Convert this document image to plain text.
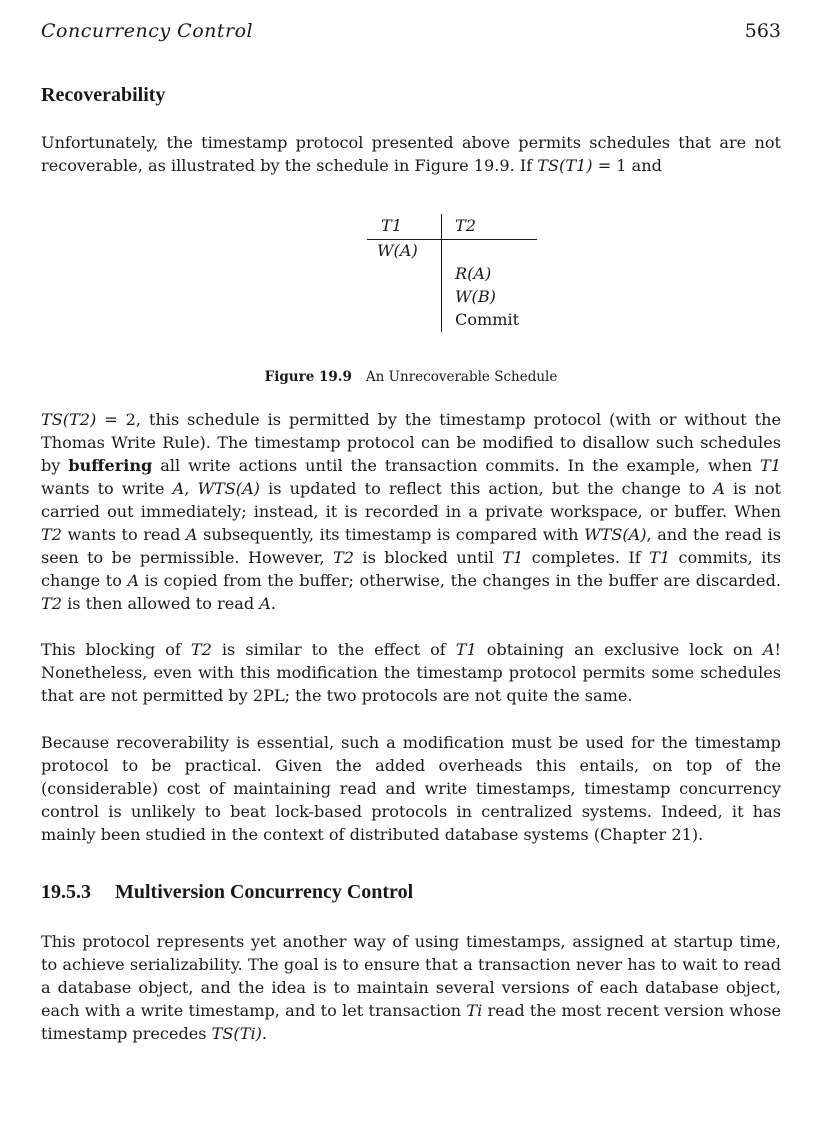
Concurrency Control	563
Recoverability

Unfortunately, the timestamp protocol presented above permits schedules that are not recoverable, as illustrated by the schedule in Figure 19.9. If TS(T1) = 1 and

T1	T2
W(A)
R(A)
W(B)
Commit
Figure 19.9 An Unrecoverable Schedule

TS(T2) = 2, this schedule is permitted by the timestamp protocol (with or without the Thomas Write Rule). The timestamp protocol can be modified to disallow such schedules by buffering all write actions until the transaction commits. In the example, when T1 wants to write A, WTS(A) is updated to reflect this action, but the change to A is not carried out immediately; instead, it is recorded in a private workspace, or buffer. When T2 wants to read A subsequently, its timestamp is compared with WTS(A), and the read is seen to be permissible. However, T2 is blocked until T1 completes. If T1 commits, its change to A is copied from the buffer; otherwise, the changes in the buffer are discarded. T2 is then allowed to read A.

This blocking of T2 is similar to the effect of T1 obtaining an exclusive lock on A! Nonetheless, even with this modification the timestamp protocol permits some schedules that are not permitted by 2PL; the two protocols are not quite the same.

Because recoverability is essential, such a modification must be used for the timestamp protocol to be practical. Given the added overheads this entails, on top of the (considerable) cost of maintaining read and write timestamps, timestamp concurrency control is unlikely to beat lock-based protocols in centralized systems. Indeed, it has mainly been studied in the context of distributed database systems (Chapter 21).

19.5.3 Multiversion Concurrency Control

This protocol represents yet another way of using timestamps, assigned at startup time, to achieve serializability. The goal is to ensure that a transaction never has to wait to read a database object, and the idea is to maintain several versions of each database object, each with a write timestamp, and to let transaction Ti read the most recent version whose timestamp precedes TS(Ti).
